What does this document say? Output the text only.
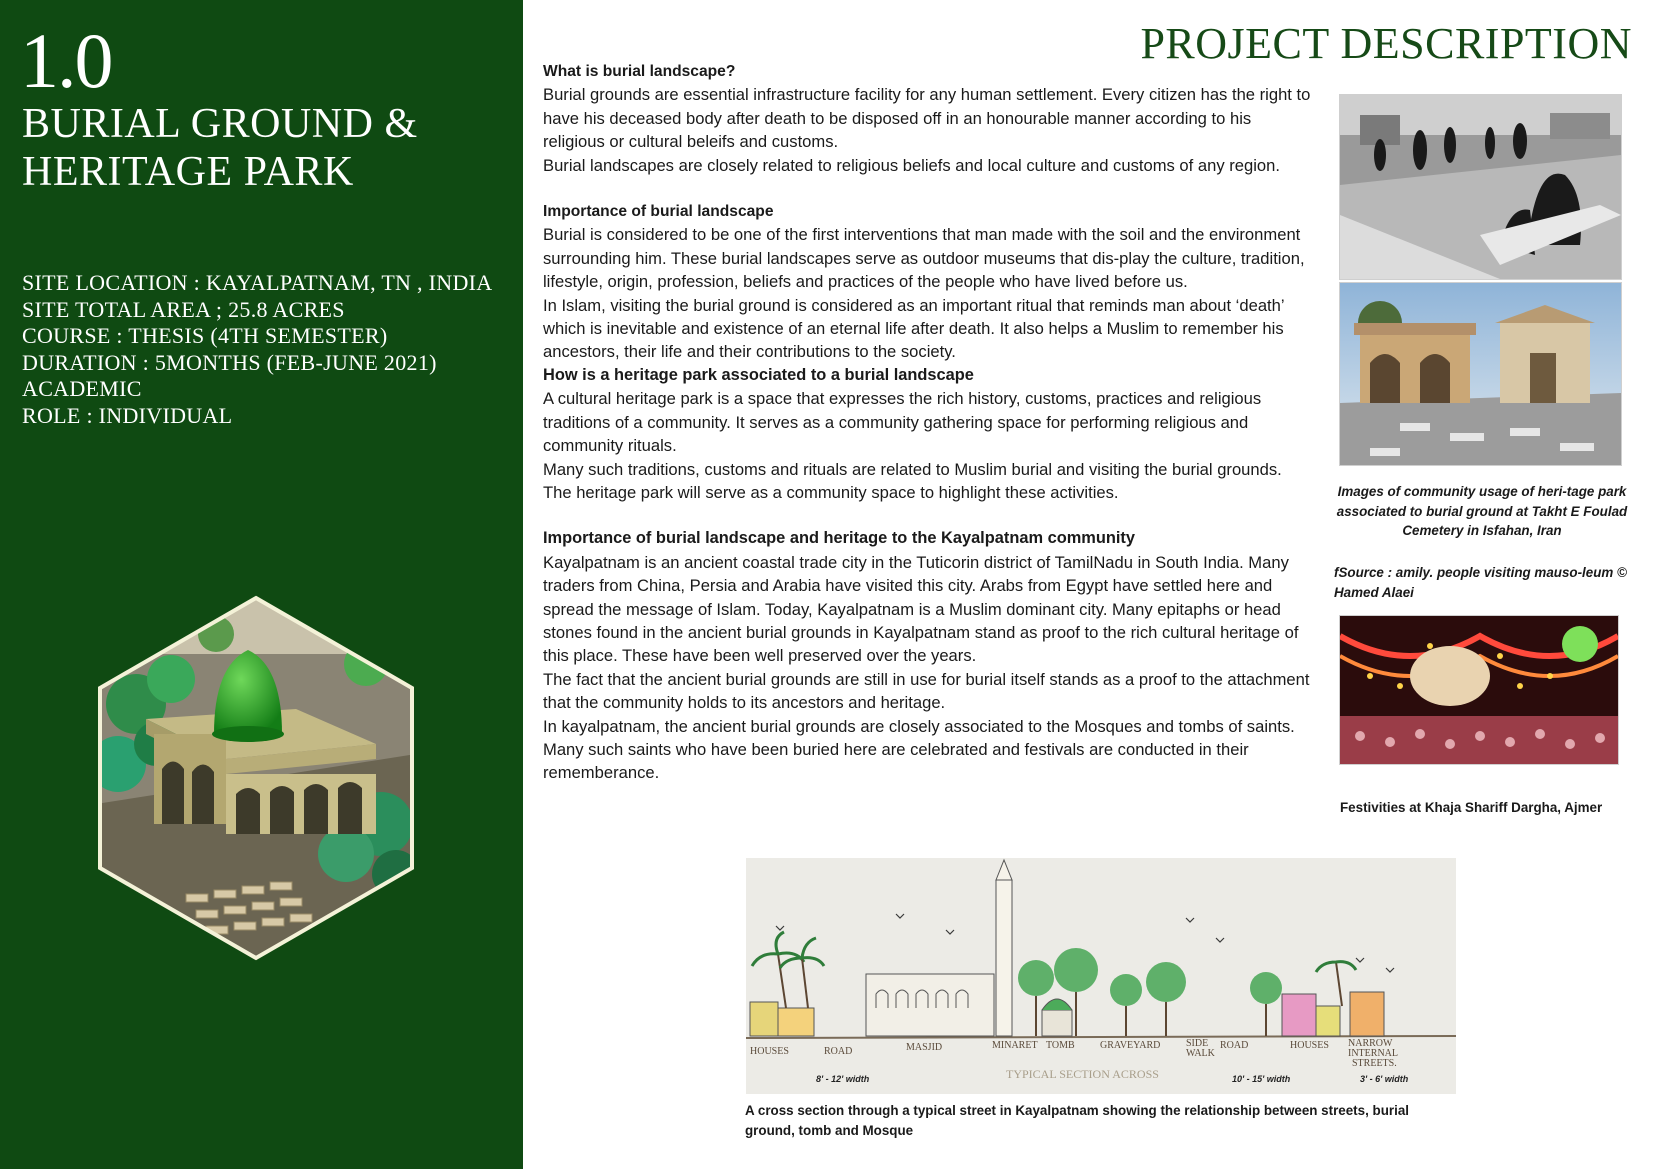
1.0
BURIAL GROUND &
HERITAGE PARK
SITE LOCATION : KAYALPATNAM, TN , INDIA
SITE TOTAL AREA ; 25.8 ACRES
COURSE : THESIS (4TH SEMESTER)
DURATION : 5MONTHS (FEB-JUNE 2021)
ACADEMIC
ROLE : INDIVIDUAL
PROJECT DESCRIPTION

What is burial landscape?

Burial grounds are essential infrastructure facility for any human settlement. Every citizen has the right to have his deceased body after death to be disposed off in an honourable manner according to his religious or cultural beleifs and customs.

Burial landscapes are closely related to religious beliefs and local culture and customs of any region.

Importance of burial landscape

Burial is considered to be one of the first interventions that man made with the soil and the environment surrounding him. These burial landscapes serve as outdoor museums that dis-play the culture, tradition, lifestyle, origin, profession, beliefs and practices of the people who have lived before us.

In Islam, visiting the burial ground is considered as an important ritual that reminds man about ‘death’ which is inevitable and existence of an eternal life after death. It also helps a Muslim to remember his ancestors, their life and their contributions to the society.

How is a heritage park associated to a burial landscape

A cultural heritage park is a space that expresses the rich history, customs, practices and religious traditions of a community. It serves as a community gathering space for performing religious and community rituals.

Many such traditions, customs and rituals are related to Muslim burial and visiting the burial grounds. The heritage park will serve as a community space to highlight these activities.

Importance of burial landscape and heritage to the Kayalpatnam community

Kayalpatnam is an ancient coastal trade city in the Tuticorin district of TamilNadu in South India. Many traders from China, Persia and Arabia have visited this city. Arabs from Egypt have settled here and spread the message of Islam. Today, Kayalpatnam is a Muslim dominant city. Many epitaphs or head stones found in the ancient burial grounds in Kayalpatnam stand as proof to the rich cultural heritage of this place. These have been well preserved over the years.

The fact that the ancient burial grounds are still in use for burial itself stands as a proof to the attachment that the community holds to its ancestors and heritage.

In kayalpatnam, the ancient burial grounds are closely associated to the Mosques and tombs of saints. Many such saints who have been buried here are celebrated and festivals are conducted in their rememberance.

Images of community usage of heri-tage park associated to burial ground at Takht E Foulad Cemetery in Isfahan, Iran
fSource : amily. people visiting mauso-leum © Hamed Alaei
Festivities at Khaja Shariff Dargha, Ajmer
HOUSES	ROAD	MASJID	MINARET TOMB	GRAVEYARD	SIDE
WALK
ROAD	HOUSES NARROW
INTERNAL
STREETS.
TYPICAL SECTION ACROSS
8' - 12' width	10' - 15' width	3' - 6' width
A cross section through a typical street in Kayalpatnam showing the relationship between streets, burial ground, tomb and Mosque
